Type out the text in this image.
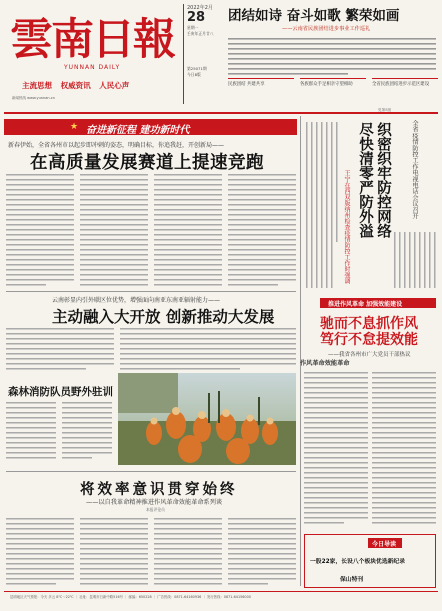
雲南日報
YUNNAN DAILY
主流思想 权威资讯 人民心声
新闻热线 www.yunnan.cn
2022年2月
28
星期一
壬寅年正月廿八
第25071期
今日8版
团结如诗 奋斗如歌 繁荣如画
——云南省民族团结进步事业工作巡礼
民族团结 共建共享	各族群众手足相亲守望相助	全省民族团结进步示范区建设
见第5版
★ 奋进新征程 建功新时代
新春伊始，全省各州市以起步即冲刺的姿态，明确目标，你追我赶，开创新局——
在高质量发展赛道上提速竞跑
云南彰显内引外联区位优势，增强面向南亚东南亚辐射能力——
主动融入大开放 创新推动大发展
森林消防队员野外驻训
将效率意识贯穿始终
——以自我革命精神推进作风革命效能革命系列谈
本报评论员
全省疫情防控工作电视电话会议召开
织密织牢防控网络
尽快清零严防外溢
王宁在西双版纳州检查疫情防控工作时强调
推进作风革命 加强效能建设
驰而不息抓作风
笃行不怠提效能
——我省各州市广大党员干部热议
作风革命效能革命
今日导读
一股22家，长设八个板块优选新纪录
保山特刊
昆明地区天气预报：今天 多云 8℃～22℃ ｜ 社址：昆明市日新中路516号 ｜ 邮编：650228 ｜ 广告热线：0871-64160936 ｜ 发行热线：0871-64156000
